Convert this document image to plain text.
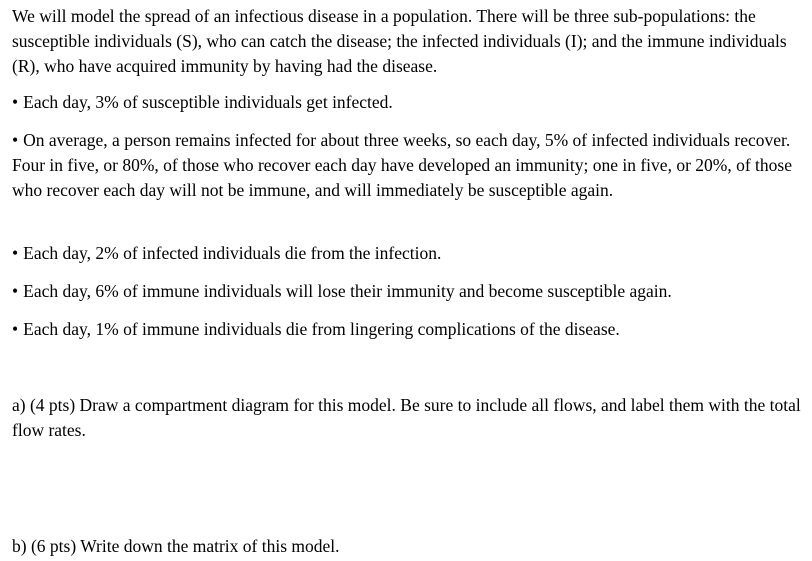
We will model the spread of an infectious disease in a population. There will be three sub-populations: the susceptible individuals (S), who can catch the disease; the infected individuals (I); and the immune individuals (R), who have acquired immunity by having had the disease.

• Each day, 3% of susceptible individuals get infected.

• On average, a person remains infected for about three weeks, so each day, 5% of infected individuals recover. Four in five, or 80%, of those who recover each day have developed an immunity; one in five, or 20%, of those who recover each day will not be immune, and will immediately be susceptible again.

• Each day, 2% of infected individuals die from the infection.

• Each day, 6% of immune individuals will lose their immunity and become susceptible again.

• Each day, 1% of immune individuals die from lingering complications of the disease.

a) (4 pts) Draw a compartment diagram for this model. Be sure to include all flows, and label them with the total flow rates.

b) (6 pts) Write down the matrix of this model.
